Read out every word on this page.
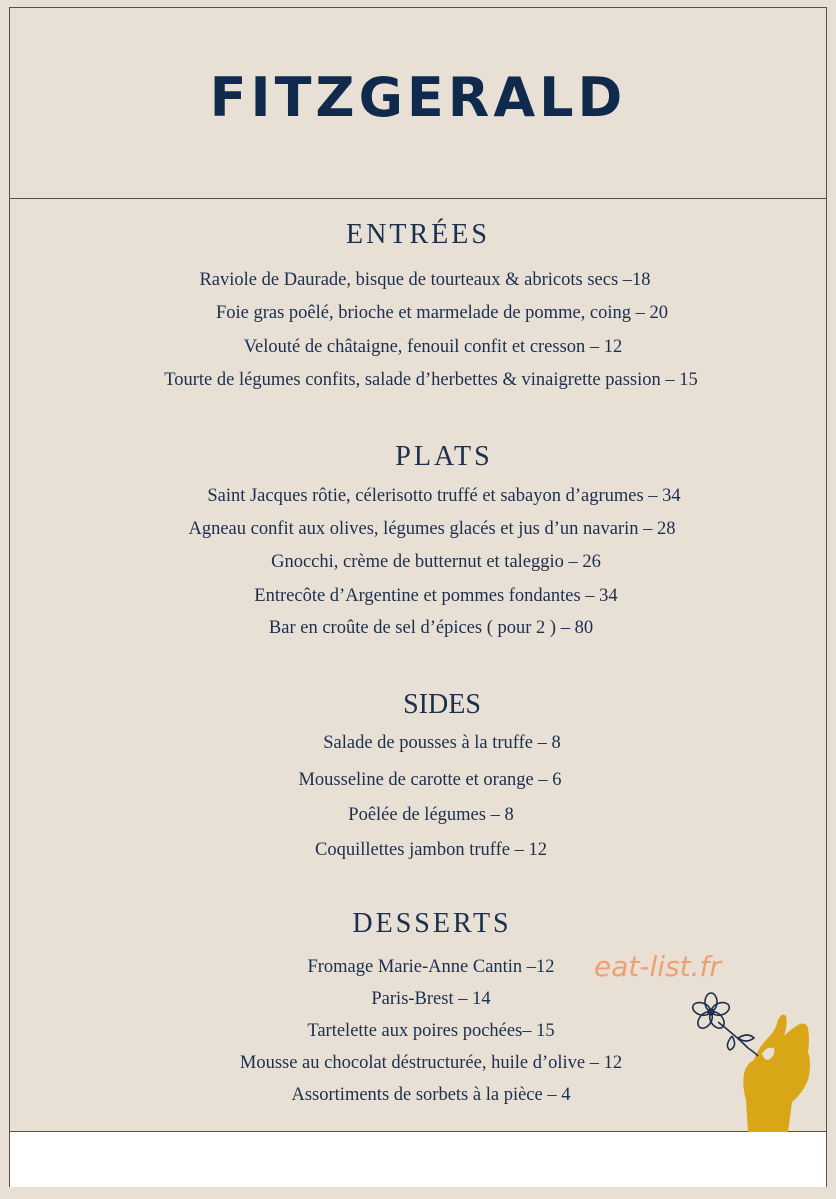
FITZGERALD
ENTRÉES
Raviole de Daurade, bisque de tourteaux & abricots secs –18
Foie gras poêlé, brioche et marmelade de pomme, coing – 20
Velouté de châtaigne, fenouil confit et cresson – 12
Tourte de légumes confits, salade d’herbettes & vinaigrette passion – 15
PLATS
Saint Jacques rôtie, célerisotto truffé et sabayon d’agrumes – 34
Agneau confit aux olives, légumes glacés et jus d’un navarin – 28
Gnocchi, crème de butternut et taleggio – 26
Entrecôte d’Argentine et pommes fondantes – 34
Bar en croûte de sel d’épices ( pour 2 ) – 80
SIDES
Salade de pousses à la truffe – 8
Mousseline de carotte et orange – 6
Poêlée de légumes – 8
Coquillettes jambon truffe – 12
DESSERTS
Fromage Marie-Anne Cantin –12
Paris-Brest – 14
Tartelette aux poires pochées– 15
Mousse au chocolat déstructurée, huile d’olive – 12
Assortiments de sorbets à la pièce – 4
eat-list.fr
